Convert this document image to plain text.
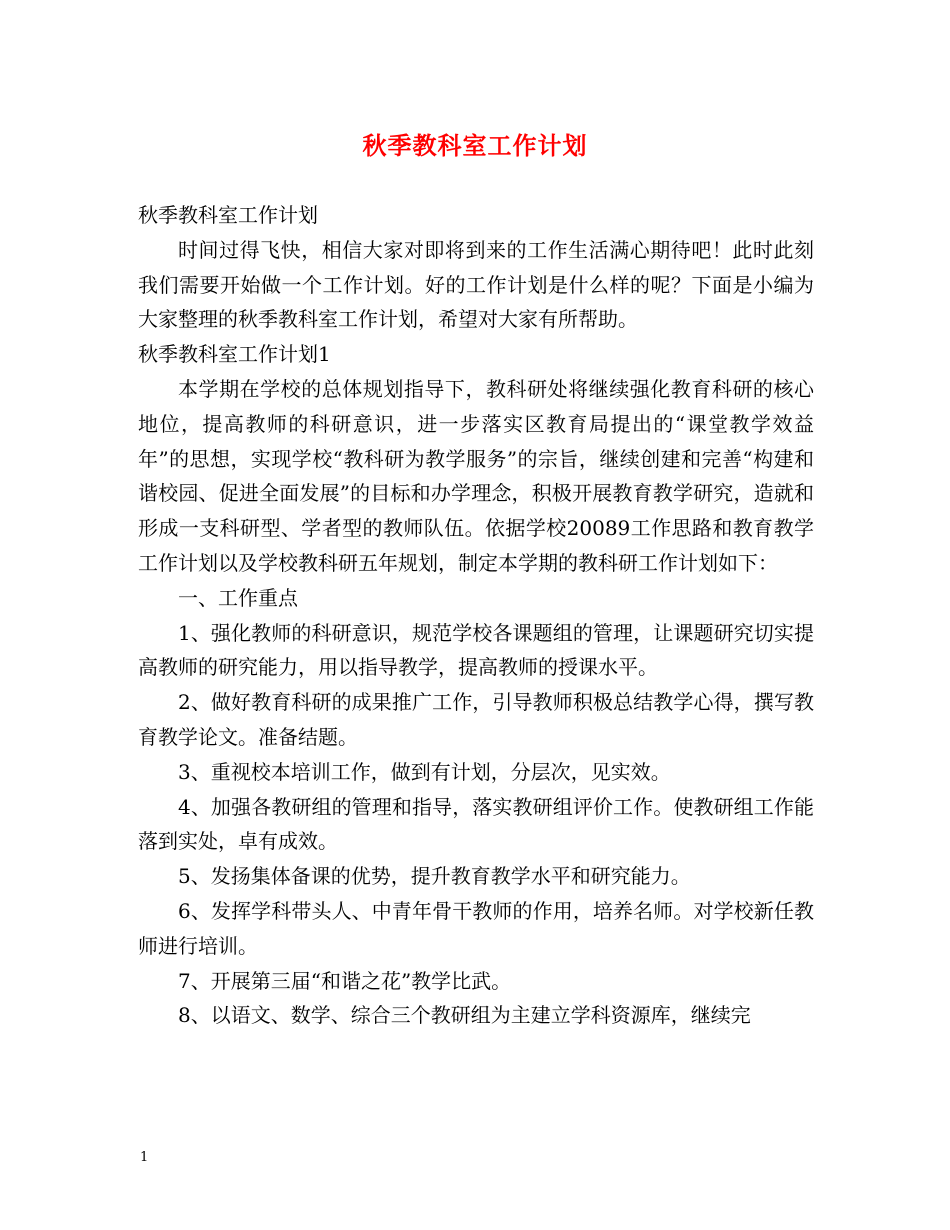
秋季教科室工作计划

秋季教科室工作计划

时间过得飞快，相信大家对即将到来的工作生活满心期待吧！此时此刻我们需要开始做一个工作计划。好的工作计划是什么样的呢？下面是小编为大家整理的秋季教科室工作计划，希望对大家有所帮助。

秋季教科室工作计划1

本学期在学校的总体规划指导下，教科研处将继续强化教育科研的核心地位，提高教师的科研意识，进一步落实区教育局提出的“课堂教学效益年”的思想，实现学校“教科研为教学服务”的宗旨，继续创建和完善“构建和谐校园、促进全面发展”的目标和办学理念，积极开展教育教学研究，造就和形成一支科研型、学者型的教师队伍。依据学校20089工作思路和教育教学工作计划以及学校教科研五年规划，制定本学期的教科研工作计划如下：

一、工作重点

1、强化教师的科研意识，规范学校各课题组的管理，让课题研究切实提高教师的研究能力，用以指导教学，提高教师的授课水平。

2、做好教育科研的成果推广工作，引导教师积极总结教学心得，撰写教育教学论文。准备结题。

3、重视校本培训工作，做到有计划，分层次，见实效。

4、加强各教研组的管理和指导，落实教研组评价工作。使教研组工作能落到实处，卓有成效。

5、发扬集体备课的优势，提升教育教学水平和研究能力。

6、发挥学科带头人、中青年骨干教师的作用，培养名师。对学校新任教师进行培训。

7、开展第三届“和谐之花”教学比武。

8、以语文、数学、综合三个教研组为主建立学科资源库，继续完

1
